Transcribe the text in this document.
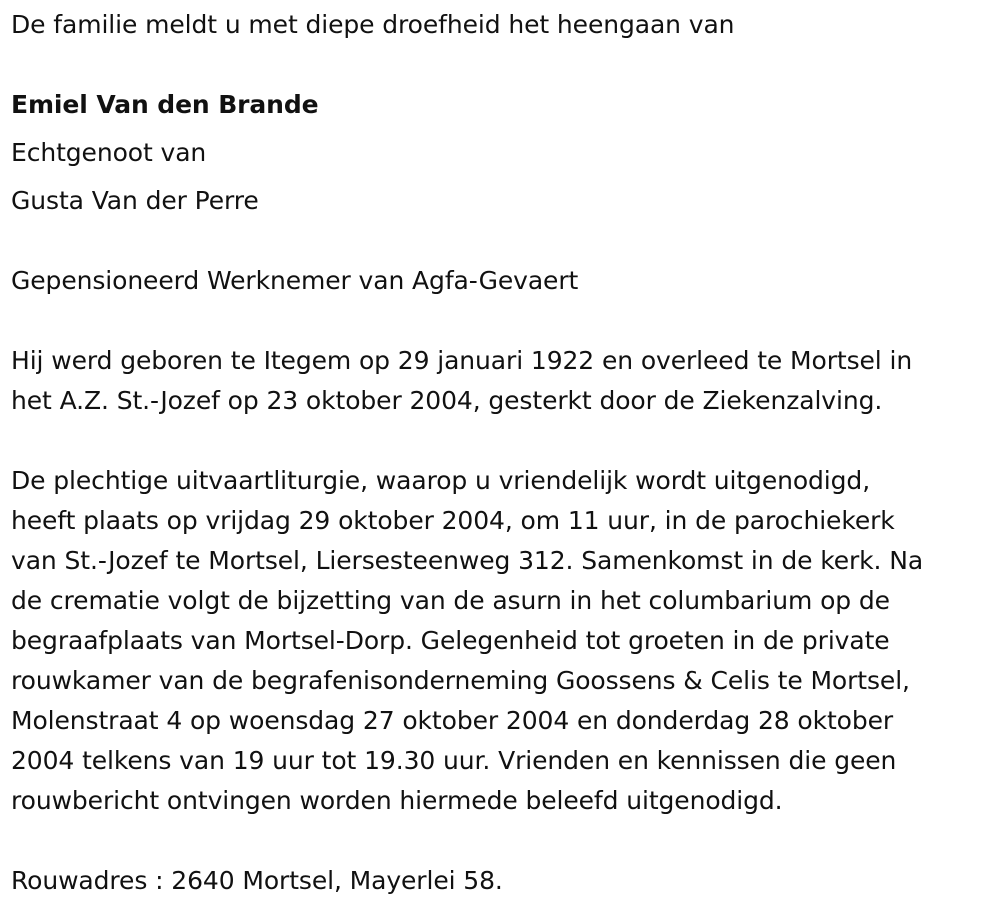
De familie meldt u met diepe droefheid het heengaan van
Emiel Van den Brande
Echtgenoot van
Gusta Van der Perre
Gepensioneerd Werknemer van Agfa-Gevaert
Hij werd geboren te Itegem op 29 januari 1922 en overleed te Mortsel in
het A.Z. St.-Jozef op 23 oktober 2004, gesterkt door de Ziekenzalving.
De plechtige uitvaartliturgie, waarop u vriendelijk wordt uitgenodigd,
heeft plaats op vrijdag 29 oktober 2004, om 11 uur, in de parochiekerk
van St.-Jozef te Mortsel, Liersesteenweg 312. Samenkomst in de kerk. Na
de crematie volgt de bijzetting van de asurn in het columbarium op de
begraafplaats van Mortsel-Dorp. Gelegenheid tot groeten in de private
rouwkamer van de begrafenisonderneming Goossens & Celis te Mortsel,
Molenstraat 4 op woensdag 27 oktober 2004 en donderdag 28 oktober
2004 telkens van 19 uur tot 19.30 uur. Vrienden en kennissen die geen
rouwbericht ontvingen worden hiermede beleefd uitgenodigd.
Rouwadres : 2640 Mortsel, Mayerlei 58.
